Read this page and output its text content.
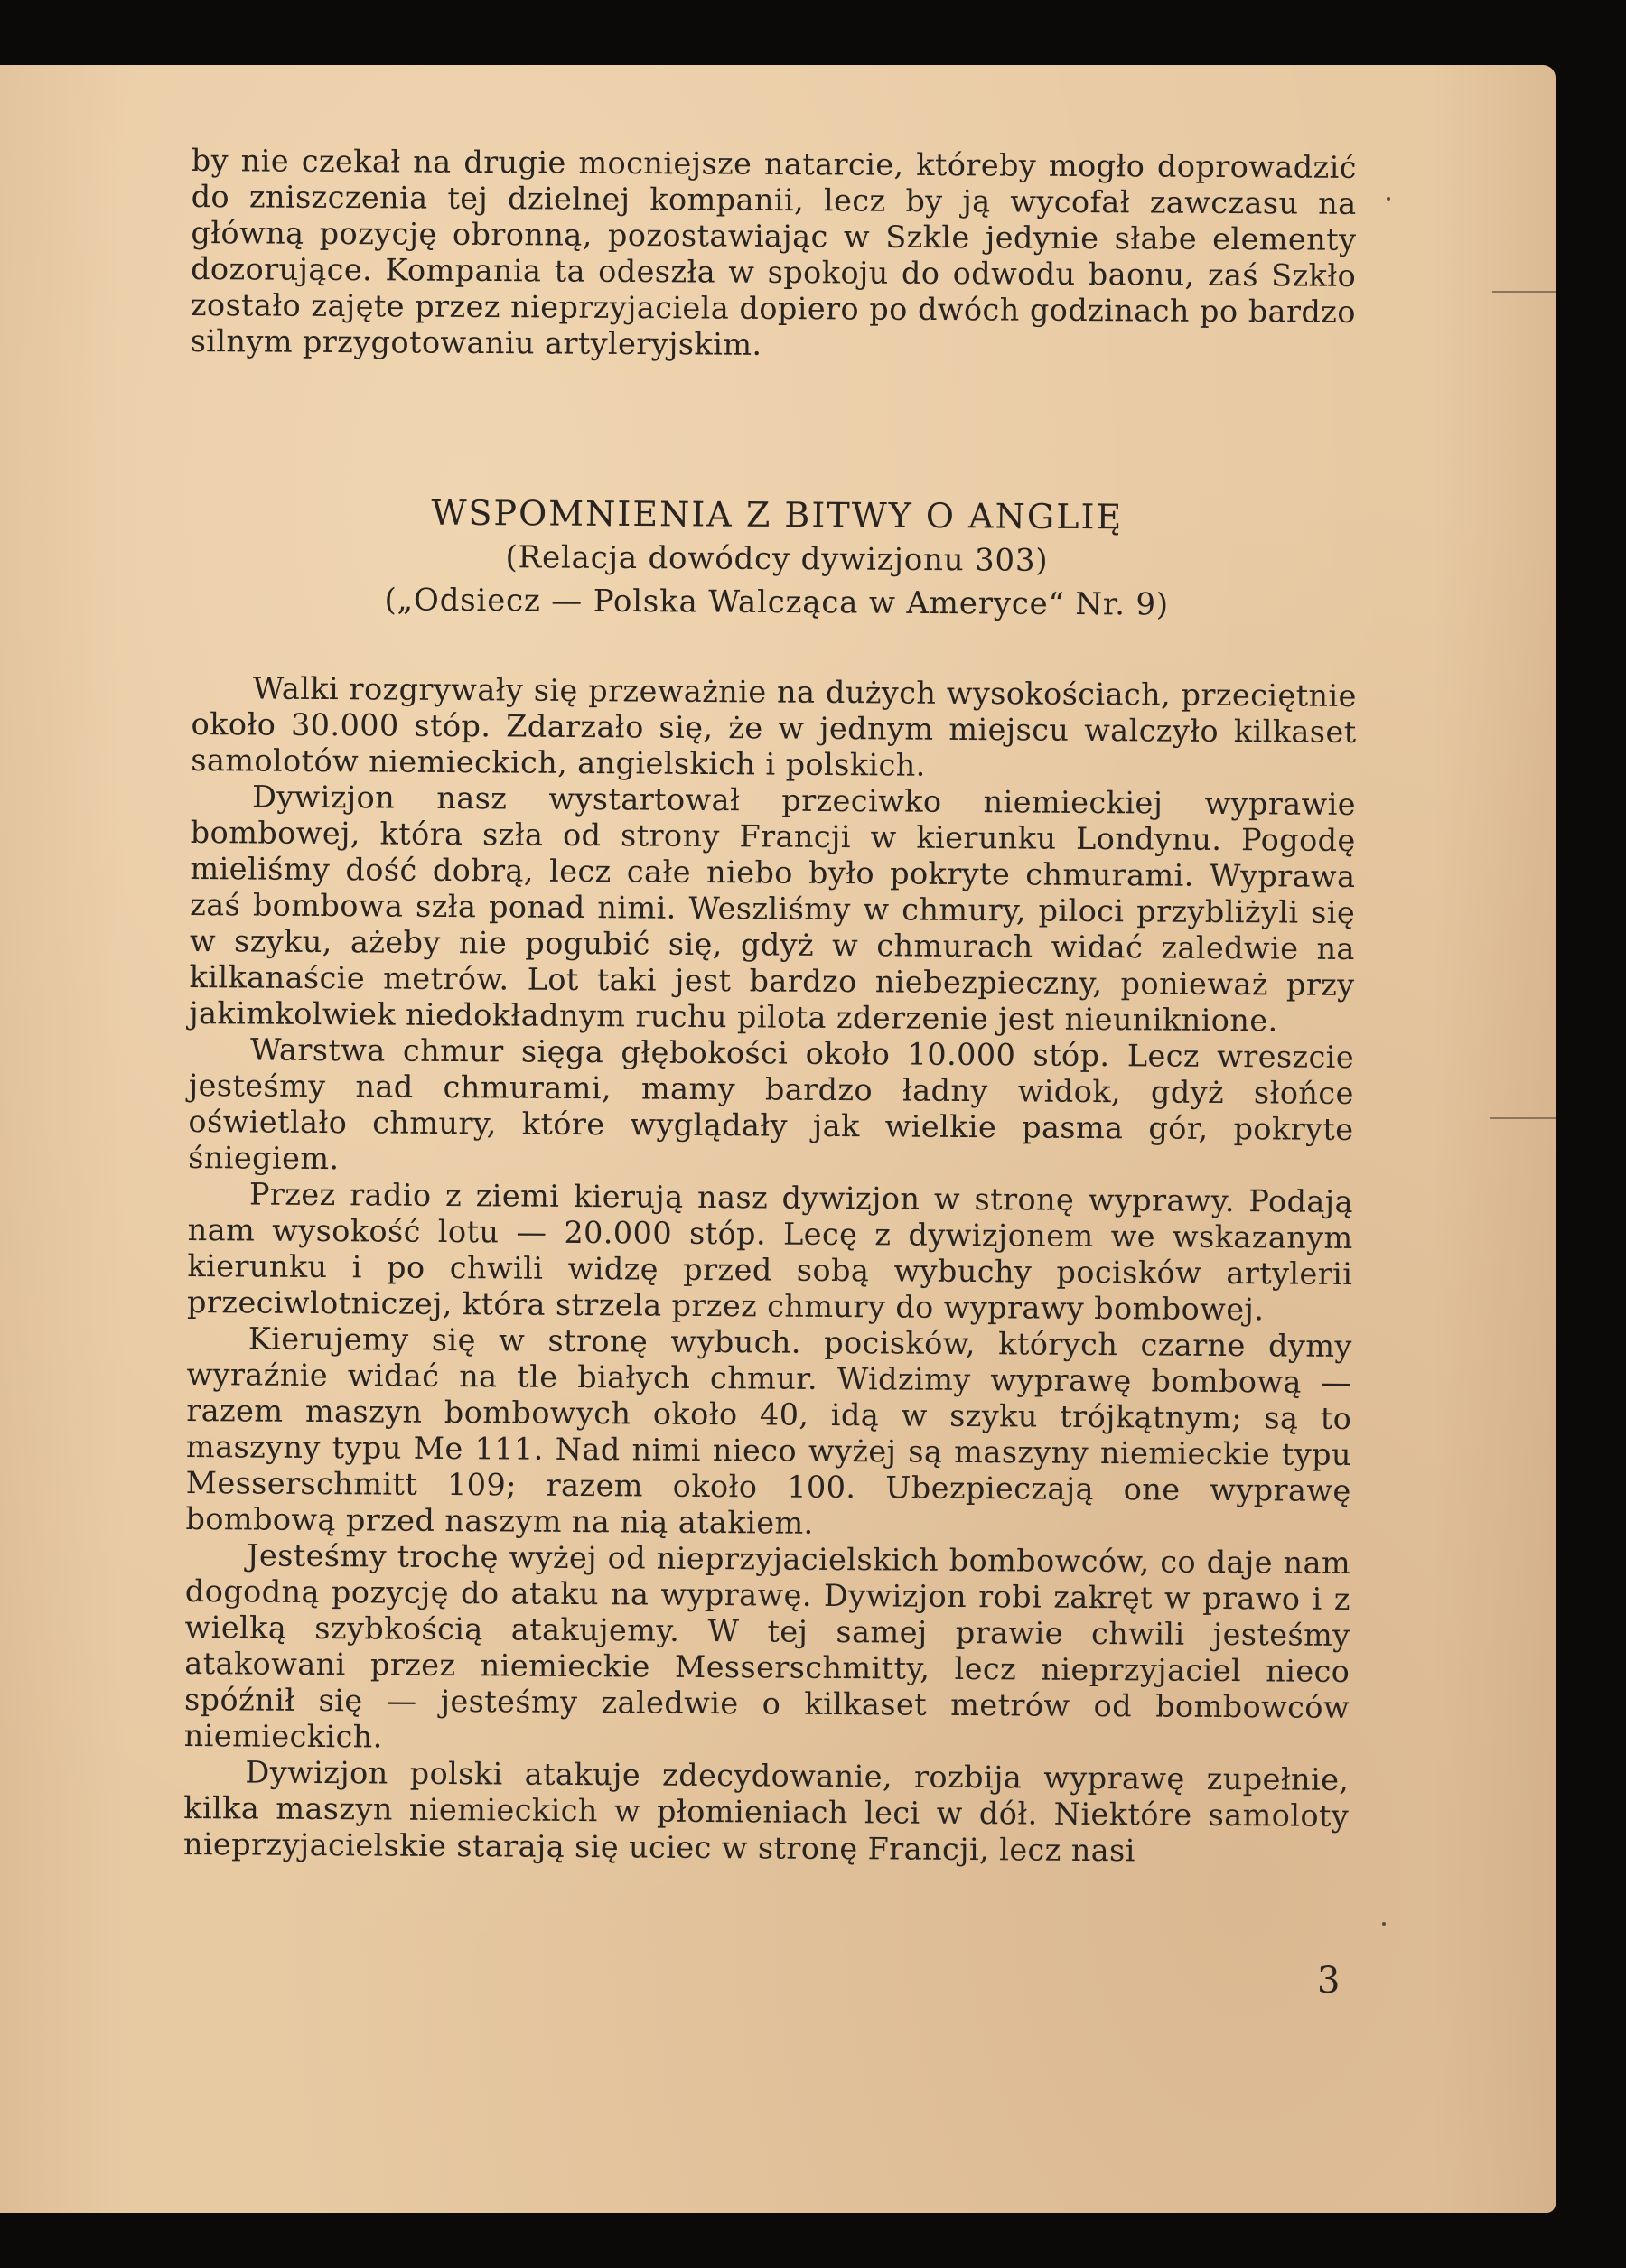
by nie czekał na drugie mocniejsze natarcie, któreby mogło doprowadzić do zniszczenia tej dzielnej kompanii, lecz by ją wycofał zawczasu na główną pozycję obronną, pozostawiając w Szkle jedynie słabe elementy dozorujące. Kompania ta odeszła w spokoju do odwodu baonu, zaś Szkło zostało zajęte przez nieprzyjaciela dopiero po dwóch godzinach po bardzo silnym przygotowaniu artyleryjskim.

WSPOMNIENIA Z BITWY O ANGLIĘ
(Relacja dowódcy dywizjonu 303)
(„Odsiecz — Polska Walcząca w Ameryce“ Nr. 9)

Walki rozgrywały się przeważnie na dużych wysokościach, przeciętnie około 30.000 stóp. Zdarzało się, że w jednym miejscu walczyło kilkaset samolotów niemieckich, angielskich i polskich.

Dywizjon nasz wystartował przeciwko niemieckiej wyprawie bombowej, która szła od strony Francji w kierunku Londynu. Pogodę mieliśmy dość dobrą, lecz całe niebo było pokryte chmurami. Wyprawa zaś bombowa szła ponad nimi. Weszliśmy w chmury, piloci przybliżyli się w szyku, ażeby nie pogubić się, gdyż w chmurach widać zaledwie na kilkanaście metrów. Lot taki jest bardzo niebezpieczny, ponieważ przy jakimkolwiek niedokładnym ruchu pilota zderzenie jest nieuniknione.

Warstwa chmur sięga głębokości około 10.000 stóp. Lecz wreszcie jesteśmy nad chmurami, mamy bardzo ładny widok, gdyż słońce oświetlało chmury, które wyglądały jak wielkie pasma gór, pokryte śniegiem.

Przez radio z ziemi kierują nasz dywizjon w stronę wyprawy. Podają nam wysokość lotu — 20.000 stóp. Lecę z dywizjonem we wskazanym kierunku i po chwili widzę przed sobą wybuchy pocisków artylerii przeciwlotniczej, która strzela przez chmury do wyprawy bombowej.

Kierujemy się w stronę wybuch. pocisków, których czarne dymy wyraźnie widać na tle białych chmur. Widzimy wyprawę bombową — razem maszyn bombowych około 40, idą w szyku trójkątnym; są to maszyny typu Me 111. Nad nimi nieco wyżej są maszyny niemieckie typu Messerschmitt 109; razem około 100. Ubezpieczają one wyprawę bombową przed naszym na nią atakiem.

Jesteśmy trochę wyżej od nieprzyjacielskich bombowców, co daje nam dogodną pozycję do ataku na wyprawę. Dywizjon robi zakręt w prawo i z wielką szybkością atakujemy. W tej samej prawie chwili jesteśmy atakowani przez niemieckie Messerschmitty, lecz nieprzyjaciel nieco spóźnił się — jesteśmy zaledwie o kilkaset metrów od bombowców niemieckich.

Dywizjon polski atakuje zdecydowanie, rozbija wyprawę zupełnie, kilka maszyn niemieckich w płomieniach leci w dół. Niektóre samoloty nieprzyjacielskie starają się uciec w stronę Francji, lecz nasi

3
